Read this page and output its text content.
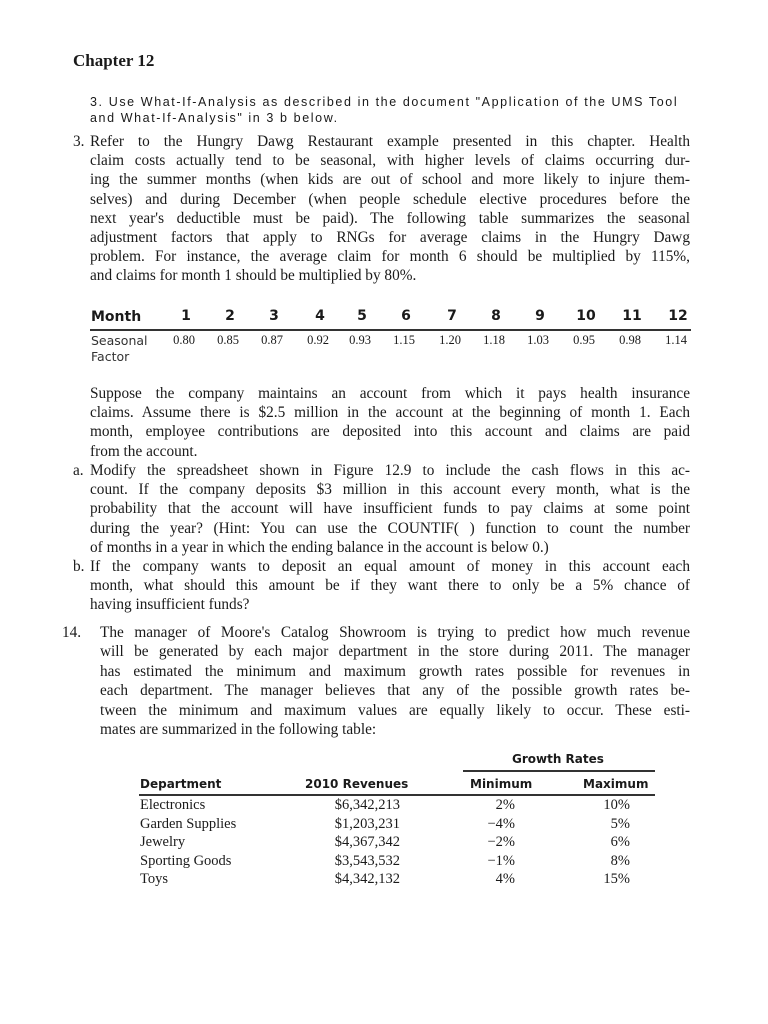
Chapter 12
3. Use What-If-Analysis as described in the document "Application of the UMS Tool
and What-If-Analysis" in 3 b below.
3. Refer to the Hungry Dawg Restaurant example presented in this chapter. Health
claim costs actually tend to be seasonal, with higher levels of claims occurring dur-
ing the summer months (when kids are out of school and more likely to injure them-
selves) and during December (when people schedule elective procedures before the
next year's deductible must be paid). The following table summarizes the seasonal
adjustment factors that apply to RNGs for average claims in the Hungry Dawg
problem. For instance, the average claim for month 6 should be multiplied by 115%,
and claims for month 1 should be multiplied by 80%.
Month	1	2	3	4	5	6	7	8	9	10	11	12
Seasonal
Factor
0.80	0.85	0.87	0.92	0.93	1.15	1.20	1.18	1.03	0.95	0.98	1.14
Suppose the company maintains an account from which it pays health insurance
claims. Assume there is $2.5 million in the account at the beginning of month 1. Each
month, employee contributions are deposited into this account and claims are paid
from the account.
a. Modify the spreadsheet shown in Figure 12.9 to include the cash flows in this ac-
count. If the company deposits $3 million in this account every month, what is the
probability that the account will have insufficient funds to pay claims at some point
during the year? (Hint: You can use the COUNTIF( ) function to count the number
of months in a year in which the ending balance in the account is below 0.)
b. If the company wants to deposit an equal amount of money in this account each
month, what should this amount be if they want there to only be a 5% chance of
having insufficient funds?
14. The manager of Moore's Catalog Showroom is trying to predict how much revenue
will be generated by each major department in the store during 2011. The manager
has estimated the minimum and maximum growth rates possible for revenues in
each department. The manager believes that any of the possible growth rates be-
tween the minimum and maximum values are equally likely to occur. These esti-
mates are summarized in the following table:
Growth Rates
Department	2010 Revenues	Minimum	Maximum
Electronics	$6,342,213	2%	10%
Garden Supplies	$1,203,231	−4%	5%
Jewelry	$4,367,342	−2%	6%
Sporting Goods	$3,543,532	−1%	8%
Toys	$4,342,132	4%	15%
